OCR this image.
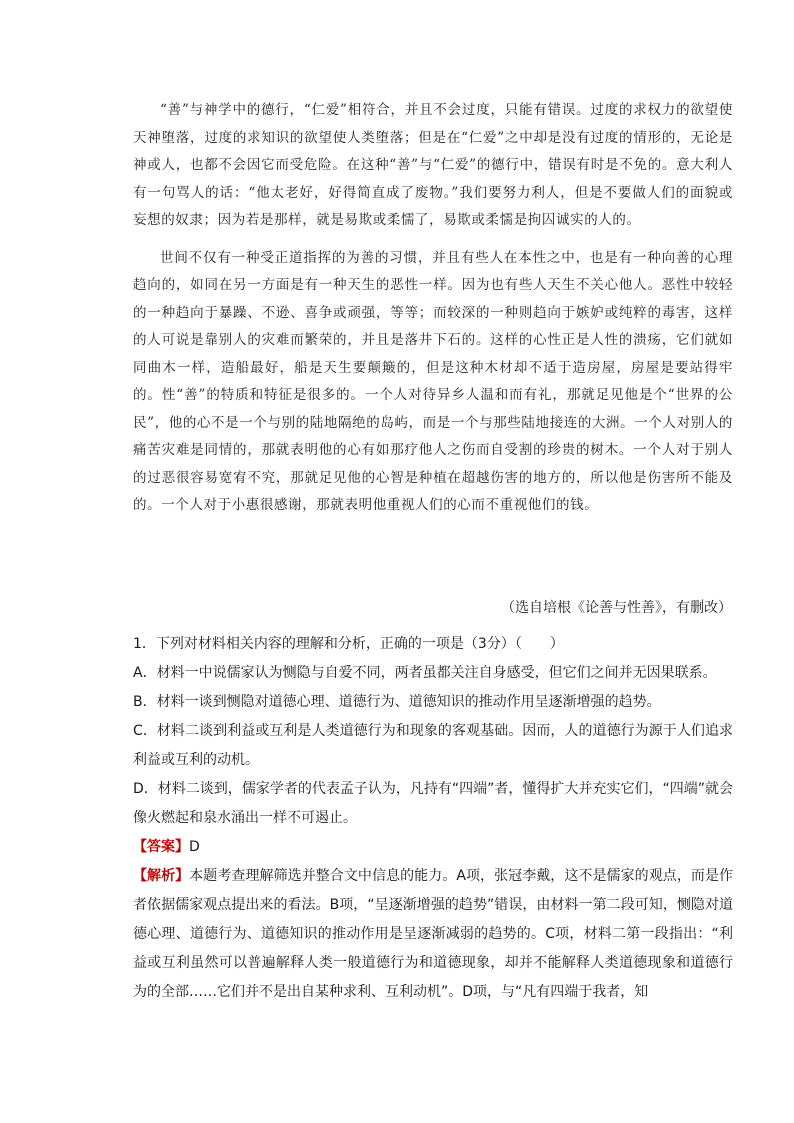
“善”与神学中的德行，“仁爱”相符合，并且不会过度，只能有错误。过度的求权力的欲望使天神堕落，过度的求知识的欲望使人类堕落；但是在“仁爱”之中却是没有过度的情形的，无论是神或人，也都不会因它而受危险。在这种“善”与“仁爱”的德行中，错误有时是不免的。意大利人有一句骂人的话：“他太老好，好得简直成了废物。”我们要努力利人，但是不要做人们的面貌或妄想的奴隶；因为若是那样，就是易欺或柔懦了，易欺或柔懦是拘囚诚实的人的。

世间不仅有一种受正道指挥的为善的习惯，并且有些人在本性之中，也是有一种向善的心理趋向的，如同在另一方面是有一种天生的恶性一样。因为也有些人天生不关心他人。恶性中较轻的一种趋向于暴躁、不逊、喜争或顽强，等等；而较深的一种则趋向于嫉妒或纯粹的毒害，这样的人可说是靠别人的灾难而繁荣的，并且是落井下石的。这样的心性正是人性的溃疡，它们就如同曲木一样，造船最好，船是天生要颠簸的，但是这种木材却不适于造房屋，房屋是要站得牢的。性“善”的特质和特征是很多的。一个人对待异乡人温和而有礼，那就足见他是个“世界的公民”，他的心不是一个与别的陆地隔绝的岛屿，而是一个与那些陆地接连的大洲。一个人对别人的痛苦灾难是同情的，那就表明他的心有如那疗他人之伤而自受割的珍贵的树木。一个人对于别人的过恶很容易宽宥不究，那就足见他的心智是种植在超越伤害的地方的，所以他是伤害所不能及的。一个人对于小惠很感谢，那就表明他重视人们的心而不重视他们的钱。

（选自培根《论善与性善》，有删改）
1．下列对材料相关内容的理解和分析，正确的一项是（3分）（　　）
A．材料一中说儒家认为恻隐与自爱不同，两者虽都关注自身感受，但它们之间并无因果联系。
B．材料一谈到恻隐对道德心理、道德行为、道德知识的推动作用呈逐渐增强的趋势。
C．材料二谈到利益或互利是人类道德行为和现象的客观基础。因而，人的道德行为源于人们追求利益或互利的动机。
D．材料二谈到，儒家学者的代表孟子认为，凡持有“四端”者，懂得扩大并充实它们，“四端”就会像火燃起和泉水涌出一样不可遏止。
【答案】D
【解析】本题考查理解筛选并整合文中信息的能力。A项，张冠李戴，这不是儒家的观点，而是作者依据儒家观点提出来的看法。B项，“呈逐渐增强的趋势”错误，由材料一第二段可知，恻隐对道德心理、道德行为、道德知识的推动作用是呈逐渐减弱的趋势的。C项，材料二第一段指出：“利益或互利虽然可以普遍解释人类一般道德行为和道德现象，却并不能解释人类道德现象和道德行为的全部……它们并不是出自某种求利、互利动机”。D项，与“凡有四端于我者，知
